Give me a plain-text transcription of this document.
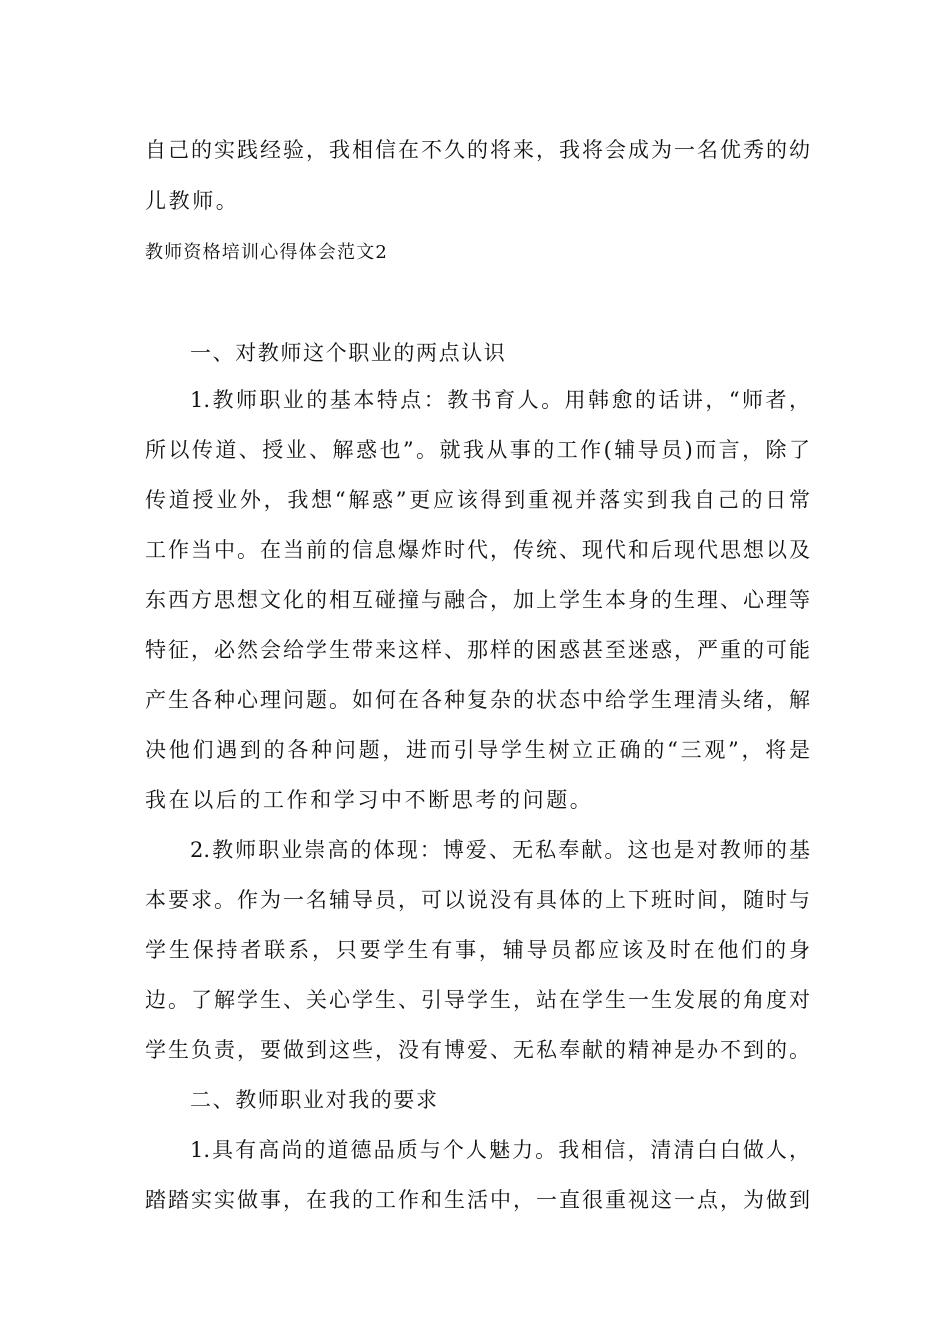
自己的实践经验，我相信在不久的将来，我将会成为一名优秀的幼
儿教师。
教师资格培训心得体会范文2
一、对教师这个职业的两点认识
1.教师职业的基本特点：教书育人。用韩愈的话讲，“师者，
所以传道、授业、解惑也”。就我从事的工作(辅导员)而言，除了
传道授业外，我想“解惑”更应该得到重视并落实到我自己的日常
工作当中。在当前的信息爆炸时代，传统、现代和后现代思想以及
东西方思想文化的相互碰撞与融合，加上学生本身的生理、心理等
特征，必然会给学生带来这样、那样的困惑甚至迷惑，严重的可能
产生各种心理问题。如何在各种复杂的状态中给学生理清头绪，解
决他们遇到的各种问题，进而引导学生树立正确的“三观”，将是
我在以后的工作和学习中不断思考的问题。
2.教师职业崇高的体现：博爱、无私奉献。这也是对教师的基
本要求。作为一名辅导员，可以说没有具体的上下班时间，随时与
学生保持者联系，只要学生有事，辅导员都应该及时在他们的身
边。了解学生、关心学生、引导学生，站在学生一生发展的角度对
学生负责，要做到这些，没有博爱、无私奉献的精神是办不到的。
二、教师职业对我的要求
1.具有高尚的道德品质与个人魅力。我相信，清清白白做人，
踏踏实实做事，在我的工作和生活中，一直很重视这一点，为做到
